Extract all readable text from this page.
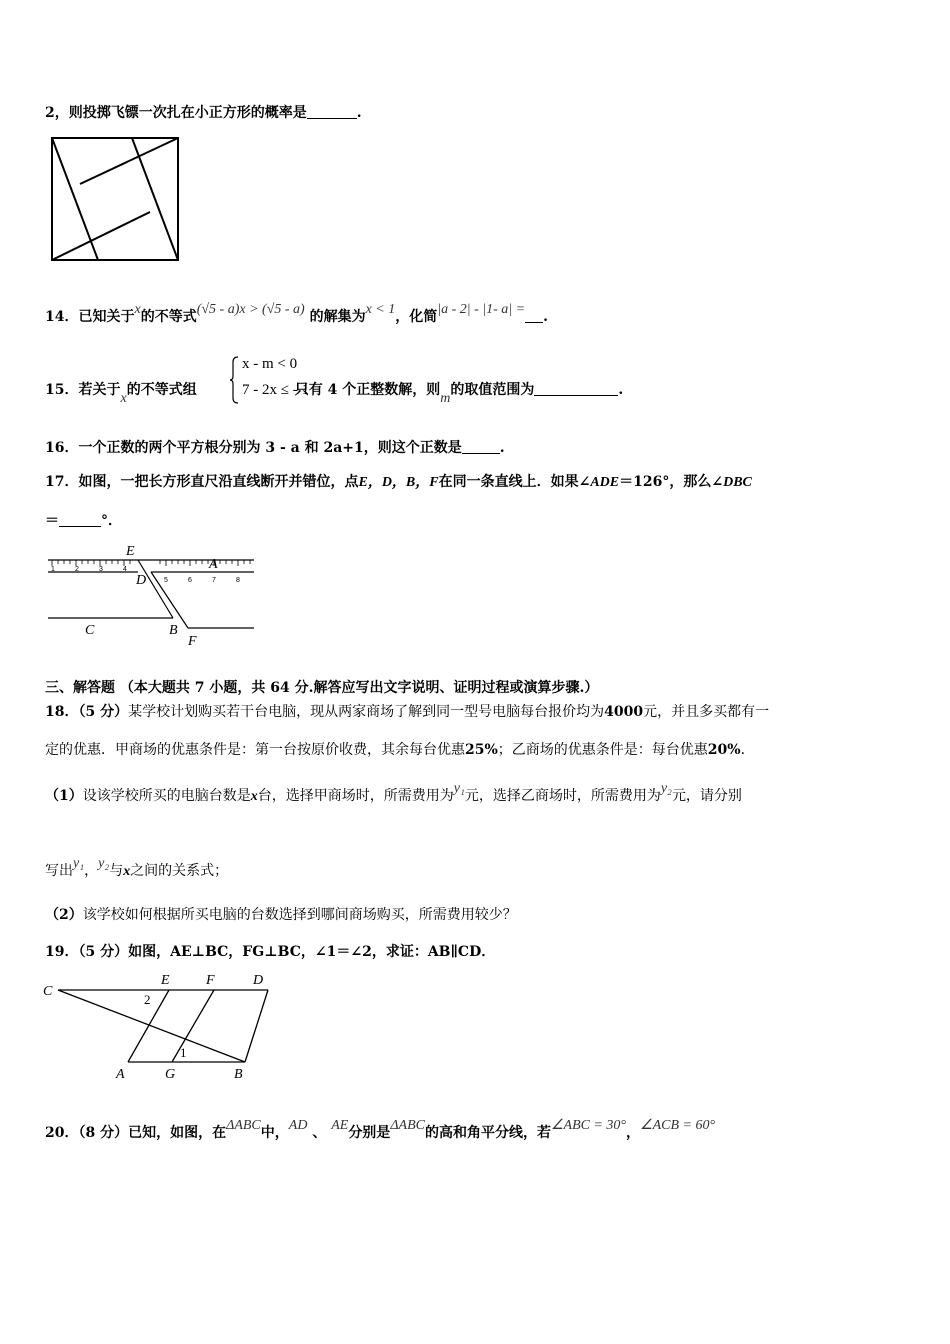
2，则投掷飞镖一次扎在小正方形的概率是	.
14．已知关于x的不等式(√5 - a)x > (√5 - a) 的解集为x < 1，化简|a - 2| - |1- a| = .
15．若关于x的不等式组	只有 4 个正整数解，则m的取值范围为	.
x - m < 0
7 - 2x ≤ - 1
16．一个正数的两个平方根分别为 3 - a 和 2a+1，则这个正数是	.
17．如图，一把长方形直尺沿直线断开并错位，点E，D，B，F在同一条直线上．如果∠ADE＝126°，那么∠DBC
＝	°．
1	2	3	4
5	6	7	8
E
A
D
C	B
F
三、解答题 （本大题共 7 小题，共 64 分.解答应写出文字说明、证明过程或演算步骤.）
18．（5 分）某学校计划购买若干台电脑，现从两家商场了解到同一型号电脑每台报价均为4000元，并且多买都有一
定的优惠．甲商场的优惠条件是：第一台按原价收费，其余每台优惠25%；乙商场的优惠条件是：每台优惠20%．
（1）设该学校所买的电脑台数是x台，选择甲商场时，所需费用为y₁元，选择乙商场时，所需费用为y₂元，请分别
写出y₁，y₂与x之间的关系式；
（2）该学校如何根据所买电脑的台数选择到哪间商场购买，所需费用较少？
19．（5 分）如图，AE⊥BC，FG⊥BC，∠1＝∠2，求证：AB∥CD．
C
E	F	D
A	G	B
2
1
20．（8 分）已知，如图，在ΔABC中，AD 、 AE分别是ΔABC的高和角平分线，若∠ABC = 30°，∠ACB = 60°
